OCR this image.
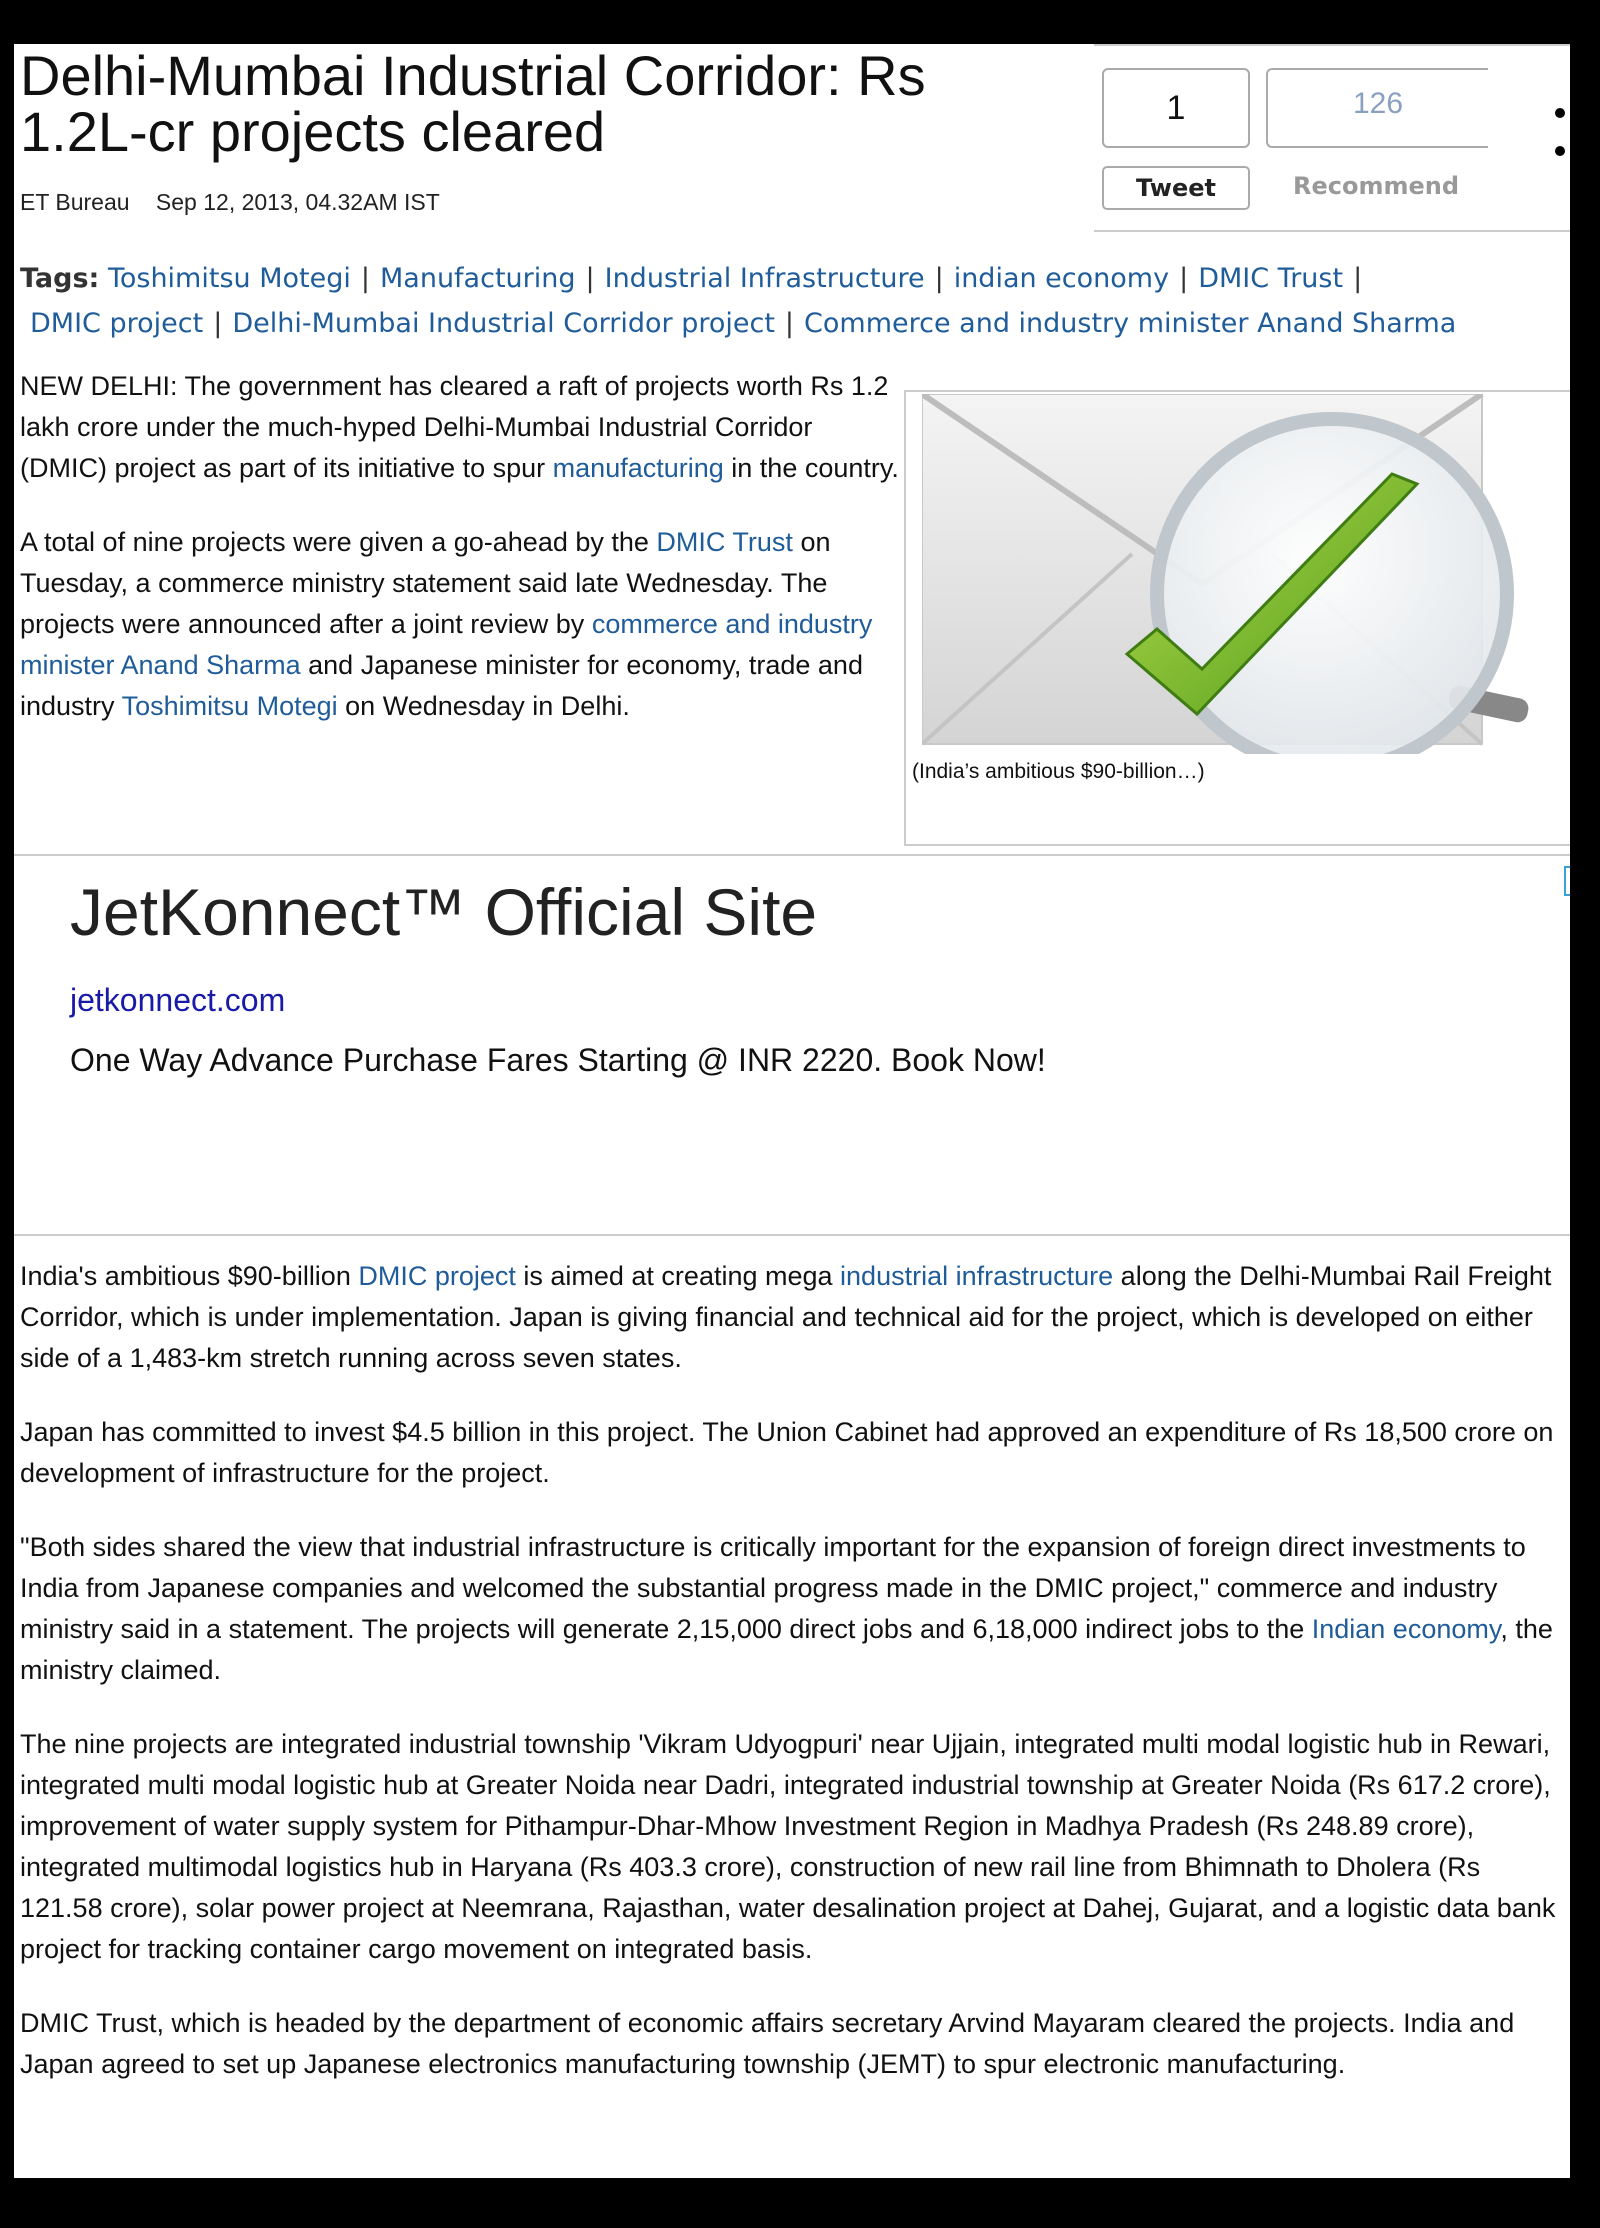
Delhi-Mumbai Industrial Corridor: Rs 1.2L-cr projects cleared
ET Bureau Sep 12, 2013, 04.32AM IST
1
Tweet
126
Recommend
Tags: Toshimitsu Motegi | Manufacturing | Industrial Infrastructure | indian economy | DMIC Trust |
DMIC project | Delhi-Mumbai Industrial Corridor project | Commerce and industry minister Anand Sharma

NEW DELHI: The government has cleared a raft of projects worth Rs 1.2 lakh crore under the much-hyped Delhi-Mumbai Industrial Corridor (DMIC) project as part of its initiative to spur manufacturing in the country.

A total of nine projects were given a go-ahead by the DMIC Trust on Tuesday, a commerce ministry statement said late Wednesday. The projects were announced after a joint review by commerce and industry minister Anand Sharma and Japanese minister for economy, trade and industry Toshimitsu Motegi on Wednesday in Delhi.

(India’s ambitious $90-billion…)
JetKonnect™ Official Site
jetkonnect.com
One Way Advance Purchase Fares Starting @ INR 2220. Book Now!

India's ambitious $90-billion DMIC project is aimed at creating mega industrial infrastructure along the Delhi-Mumbai Rail Freight Corridor, which is under implementation. Japan is giving financial and technical aid for the project, which is developed on either side of a 1,483-km stretch running across seven states.

Japan has committed to invest $4.5 billion in this project. The Union Cabinet had approved an expenditure of Rs 18,500 crore on development of infrastructure for the project.

"Both sides shared the view that industrial infrastructure is critically important for the expansion of foreign direct investments to India from Japanese companies and welcomed the substantial progress made in the DMIC project," commerce and industry ministry said in a statement. The projects will generate 2,15,000 direct jobs and 6,18,000 indirect jobs to the Indian economy, the ministry claimed.

The nine projects are integrated industrial township 'Vikram Udyogpuri' near Ujjain, integrated multi modal logistic hub in Rewari, integrated multi modal logistic hub at Greater Noida near Dadri, integrated industrial township at Greater Noida (Rs 617.2 crore), improvement of water supply system for Pithampur-Dhar-Mhow Investment Region in Madhya Pradesh (Rs 248.89 crore), integrated multimodal logistics hub in Haryana (Rs 403.3 crore), construction of new rail line from Bhimnath to Dholera (Rs 121.58 crore), solar power project at Neemrana, Rajasthan, water desalination project at Dahej, Gujarat, and a logistic data bank project for tracking container cargo movement on integrated basis.

DMIC Trust, which is headed by the department of economic affairs secretary Arvind Mayaram cleared the projects. India and Japan agreed to set up Japanese electronics manufacturing township (JEMT) to spur electronic manufacturing.
